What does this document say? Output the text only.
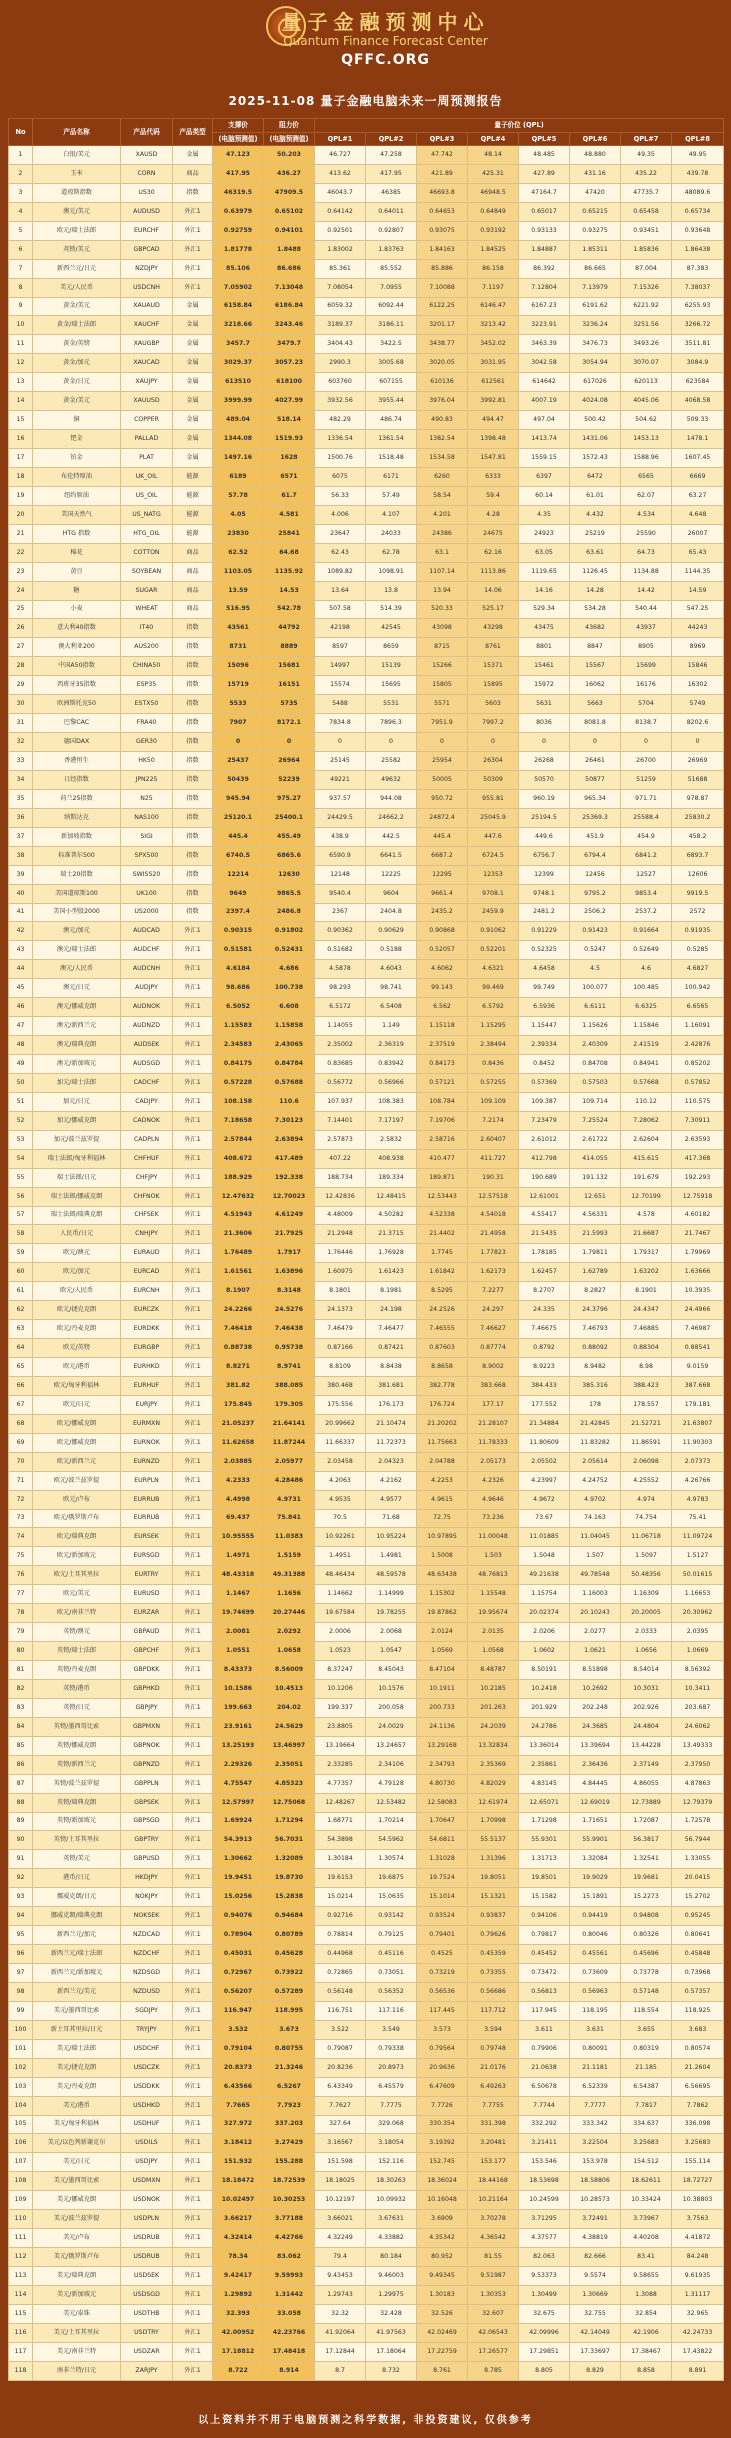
量子金融预测中心
Quantum Finance Forecast Center
QFFC.ORG
2025-11-08 量子金融电脑未来一周预测报告
No	产品名称	产品代码	产品类型	支撑价	阻力价	量子价位 (QPL)							
				(电脑预测值)	(电脑预测值)	QPL#1	QPL#2	QPL#3	QPL#4	QPL#5	QPL#6	QPL#7	QPL#8
1	白银/美元	XAUSD	金属	47.123	50.203	46.727	47.258	47.742	48.14	48.485	48.880	49.35	49.95
2	玉米	CORN	商品	417.95	436.27	413.62	417.95	421.89	425.31	427.89	431.16	435.22	439.78
3	道琼斯指数	US30	指数	46319.5	47909.5	46043.7	46385	46693.8	46948.5	47164.7	47420	47735.7	48089.6
4	澳元/美元	AUDUSD	外汇1	0.63979	0.65102	0.64142	0.64011	0.64653	0.64849	0.65017	0.65215	0.65458	0.65734
5	欧元/瑞士法郎	EURCHF	外汇1	0.92759	0.94101	0.92501	0.92807	0.93075	0.93192	0.93133	0.93275	0.93451	0.93648
6	英镑/美元	GBPCAD	外汇1	1.81778	1.8488	1.83002	1.83763	1.84163	1.84525	1.84887	1.85311	1.85836	1.86438
7	新西兰元/日元	NZDJPY	外汇1	85.106	86.686	85.361	85.552	85.886	86.158	86.392	86.665	87.004	87.383
8	美元/人民币	USDCNH	外汇1	7.05902	7.13048	7.08054	7.0955	7.10088	7.1197	7.12804	7.13979	7.15326	7.38037
9	黄金/美元	XAUAUD	金属	6158.84	6186.84	6059.32	6092.44	6122.25	6146.47	6167.23	6191.62	6221.92	6255.93
10	黄金/瑞士法郎	XAUCHF	金属	3218.66	3243.46	3189.37	3186.11	3201.17	3213.42	3223.91	3236.24	3251.56	3266.72
11	黄金/英镑	XAUGBP	金属	3457.7	3479.7	3404.43	3422.5	3438.77	3452.02	3463.39	3476.73	3493.26	3511.81
12	黄金/加元	XAUCAD	金属	3029.37	3057.23	2990.3	3005.68	3020.05	3031.95	3042.58	3054.94	3070.07	3084.9
13	黄金/日元	XAUJPY	金属	613510	618100	603760	607155	610136	612561	614642	617026	620113	623584
14	黄金/美元	XAUUSD	金属	3999.99	4027.99	3932.56	3955.44	3976.04	3992.81	4007.19	4024.08	4045.06	4068.58
15	铜	COPPER	金属	489.04	518.14	482.29	486.74	490.83	494.47	497.04	500.42	504.62	509.33
16	钯金	PALLAD	金属	1344.08	1519.93	1336.54	1361.54	1382.54	1398.48	1413.74	1431.06	1453.13	1478.1
17	铂金	PLAT	金属	1497.16	1628	1500.76	1518.48	1534.58	1547.81	1559.15	1572.43	1588.96	1607.45
18	布伦特原油	UK_OIL	能源	6189	6571	6075	6171	6260	6333	6397	6472	6565	6669
19	纽约原油	US_OIL	能源	57.78	61.7	56.33	57.49	58.54	59.4	60.14	61.01	62.07	63.27
20	美国天然气	US_NATG	能源	4.05	4.581	4.006	4.107	4.201	4.28	4.35	4.432	4.534	4.648
21	HTG 指数	HTG_OIL	能源	23830	25841	23647	24033	24386	24675	24923	25219	25590	26007
22	棉花	COTTON	商品	62.52	64.68	62.43	62.78	63.1	62.16	63.05	63.61	64.73	65.43
23	黄豆	SOYBEAN	商品	1103.05	1135.92	1089.82	1098.91	1107.14	1113.86	1119.65	1126.45	1134.88	1144.35
24	糖	SUGAR	商品	13.59	14.53	13.64	13.8	13.94	14.06	14.16	14.28	14.42	14.59
25	小麦	WHEAT	商品	516.95	542.78	507.58	514.39	520.33	525.17	529.34	534.28	540.44	547.25
26	意大利40指数	IT40	指数	43561	44792	42198	42545	43098	43298	43475	43682	43937	44243
27	澳大利亚200	AUS200	指数	8731	8889	8597	8659	8715	8761	8801	8847	8905	8969
28	中国A50指数	CHINA50	指数	15096	15681	14997	15139	15266	15371	15461	15567	15699	15846
29	西班牙35指数	ESP35	指数	15719	16151	15574	15695	15805	15895	15972	16062	16176	16302
30	欧洲斯托克50	ESTX50	指数	5533	5735	5488	5531	5571	5603	5631	5663	5704	5749
31	巴黎CAC	FRA40	指数	7907	8172.1	7834.8	7896.3	7951.9	7997.2	8036	8081.8	8138.7	8202.6
32	德国DAX	GER30	指数	0	0	0	0	0	0	0	0	0	0
33	香港恒生	HK50	指数	25437	26964	25145	25582	25954	26304	26268	26461	26700	26969
34	日经指数	JPN225	指数	50439	52239	49221	49632	50005	50309	50570	50877	51259	51688
35	荷兰25指数	N25	指数	945.94	975.27	937.57	944.08	950.72	955.81	960.19	965.34	971.71	978.87
36	纳斯达克	NAS100	指数	25120.1	25400.1	24429.5	24662.2	24872.4	25045.9	25194.5	25369.3	25588.4	25830.2
37	新加坡指数	SIGI	指数	445.4	455.49	438.9	442.5	445.4	447.6	449.6	451.9	454.9	458.2
38	标准普尔500	SPX500	指数	6740.5	6865.6	6590.9	6641.5	6687.2	6724.5	6756.7	6794.4	6841.2	6893.7
39	瑞士20指数	SWISS20	指数	12214	12630	12148	12225	12295	12353	12399	12456	12527	12606
40	美国道琼斯100	UK100	指数	9649	9865.5	9540.4	9604	9661.4	9708.1	9748.1	9795.2	9853.4	9919.5
41	美国小型股2000	US2000	指数	2397.4	2486.8	2367	2404.8	2435.2	2459.9	2481.2	2506.2	2537.2	2572
42	澳元/加元	AUDCAD	外汇1	0.90315	0.91802	0.90362	0.90629	0.90868	0.91062	0.91229	0.91423	0.91664	0.91935
43	澳元/瑞士法郎	AUDCHF	外汇1	0.51581	0.52431	0.51682	0.5188	0.52057	0.52201	0.52325	0.5247	0.52649	0.5285
44	澳元/人民币	AUDCNH	外汇1	4.6184	4.686	4.5878	4.6043	4.6062	4.6321	4.6458	4.5	4.6	4.6827
45	澳元/日元	AUDJPY	外汇1	98.686	100.738	98.293	98.741	99.143	99.469	99.749	100.077	100.485	100.942
46	澳元/挪威克朗	AUDNOK	外汇1	6.5052	6.608	6.5172	6.5408	6.562	6.5792	6.5936	6.6111	6.6325	6.6565
47	澳元/新西兰元	AUDNZD	外汇1	1.15583	1.15858	1.14055	1.149	1.15118	1.15295	1.15447	1.15626	1.15846	1.16091
48	澳元/瑞典克朗	AUDSEK	外汇1	2.34583	2.43065	2.35002	2.36319	2.37519	2.38494	2.39334	2.40309	2.41519	2.42876
49	澳元/新加坡元	AUDSGD	外汇1	0.84175	0.84784	0.83685	0.83942	0.84173	0.8436	0.8452	0.84708	0.84941	0.85202
50	加元/瑞士法郎	CADCHF	外汇1	0.57228	0.57688	0.56772	0.56966	0.57121	0.57255	0.57369	0.57503	0.57668	0.57852
51	加元/日元	CADJPY	外汇1	108.158	110.6	107.937	108.383	108.784	109.109	109.387	109.714	110.12	110.575
52	加元/挪威克朗	CADNOK	外汇1	7.18658	7.30123	7.14401	7.17197	7.19706	7.2174	7.23479	7.25524	7.28062	7.30911
53	加元/波兰兹罗提	CADPLN	外汇1	2.57844	2.63894	2.57873	2.5832	2.58716	2.60407	2.61012	2.61722	2.62604	2.63593
54	瑞士法郎/匈牙利福林	CHFHUF	外汇1	408.672	417.489	407.22	408.938	410.477	411.727	412.798	414.055	415.615	417.368
55	瑞士法郎/日元	CHFJPY	外汇1	188.929	192.338	188.734	189.334	189.871	190.31	190.689	191.132	191.679	192.293
56	瑞士法郎/挪威克朗	CHFNOK	外汇1	12.47632	12.70023	12.42836	12.48415	12.53443	12.57518	12.61001	12.651	12.70199	12.75918
57	瑞士法郎/瑞典克朗	CHFSEK	外汇1	4.51943	4.61249	4.48009	4.50282	4.52338	4.54018	4.55417	4.56331	4.578	4.60182
58	人民币/日元	CNHJPY	外汇1	21.3606	21.7925	21.2948	21.3715	21.4402	21.4958	21.5435	21.5993	21.6687	21.7467
59	欧元/澳元	EURAUD	外汇1	1.76489	1.7917	1.76446	1.76928	1.7745	1.77823	1.78185	1.79811	1.79317	1.79969
60	欧元/加元	EURCAD	外汇1	1.61561	1.63896	1.60975	1.61423	1.61842	1.62173	1.62457	1.62789	1.63202	1.63666
61	欧元/人民币	EURCNH	外汇1	8.1907	8.3148	8.1801	8.1981	8.5295	7.2277	8.2707	8.2827	8.1901	10.3935
62	欧元/捷克克朗	EURCZK	外汇1	24.2266	24.5276	24.1373	24.198	24.2526	24.297	24.335	24.3796	24.4347	24.4966
63	欧元/丹麦克朗	EURDKK	外汇1	7.46418	7.46438	7.46479	7.46477	7.46555	7.46627	7.46675	7.46793	7.46885	7.46987
64	欧元/英镑	EURGBP	外汇1	0.88738	0.95738	0.87166	0.87421	0.87603	0.87774	0.8792	0.88092	0.88304	0.88541
65	欧元/港币	EURHKD	外汇1	8.8271	8.9741	8.8109	8.8438	8.8658	8.9002	8.9223	8.9482	8.98	9.0159
66	欧元/匈牙利福林	EURHUF	外汇1	381.82	388.085	380.468	381.681	382.778	383.668	384.433	385.316	388.423	387.668
67	欧元/日元	EURJPY	外汇1	175.845	179.305	175.556	176.173	176.724	177.17	177.552	178	178.557	179.181
68	欧元/挪威克朗	EURMXN	外汇1	21.05237	21.64141	20.99662	21.10474	21.20202	21.28107	21.34884	21.42845	21.52721	21.63807
69	欧元/挪威克朗	EURNOK	外汇1	11.62658	11.87244	11.66337	11.72373	11.75663	11.78333	11.80609	11.83282	11.86591	11.90303
70	欧元/新西兰元	EURNZD	外汇1	2.03885	2.05977	2.03458	2.04323	2.04788	2.05173	2.05502	2.05614	2.06098	2.07373
71	欧元/波兰兹罗提	EURPLN	外汇1	4.2333	4.28486	4.2063	4.2162	4.2253	4.2326	4.23997	4.24752	4.25552	4.26766
72	欧元/卢布	EURRUB	外汇1	4.4998	4.9731	4.9535	4.9577	4.9615	4.9646	4.9672	4.9702	4.974	4.9783
73	欧元/俄罗斯卢布	EURRUB	外汇1	69.437	75.841	70.5	71.68	72.75	73.236	73.67	74.163	74.754	75.41
74	欧元/瑞典克朗	EURSEK	外汇1	10.95555	11.0383	10.92261	10.95224	10.97895	11.00048	11.01885	11.04045	11.06718	11.09724
75	欧元/新加坡元	EURSGD	外汇1	1.4971	1.5159	1.4951	1.4981	1.5008	1.503	1.5048	1.507	1.5097	1.5127
76	欧元/土耳其里拉	EURTRY	外汇1	48.43318	49.31388	48.46434	48.59578	48.63438	48.76813	49.21638	49.78548	50.48356	50.01615
77	欧元/美元	EURUSD	外汇1	1.1467	1.1656	1.14662	1.14999	1.15302	1.15548	1.15754	1.16003	1.16309	1.16653
78	欧元/南非兰特	EURZAR	外汇1	19.74699	20.27446	19.67584	19.78255	19.87862	19.95674	20.02374	20.10243	20.20005	20.30962
79	英镑/澳元	GBPAUD	外汇1	2.0081	2.0292	2.0006	2.0068	2.0124	2.0135	2.0206	2.0277	2.0333	2.0395
80	英镑/瑞士法郎	GBPCHF	外汇1	1.0551	1.0658	1.0523	1.0547	1.0569	1.0568	1.0602	1.0621	1.0656	1.0669
81	英镑/丹麦克朗	GBPDKK	外汇1	8.43373	8.56009	8.37247	8.45043	8.47104	8.48787	8.50191	8.51898	8.54014	8.56392
82	英镑/港币	GBPHKD	外汇1	10.1586	10.4513	10.1206	10.1576	10.1911	10.2185	10.2418	10.2692	10.3031	10.3411
83	英镑/日元	GBPJPY	外汇1	199.663	204.02	199.337	200.058	200.733	201.263	201.929	202.248	202.926	203.687
84	英镑/墨西哥比索	GBPMXN	外汇1	23.9161	24.5629	23.8805	24.0029	24.1136	24.2039	24.2786	24.3685	24.4804	24.6062
85	英镑/挪威克朗	GBPNOK	外汇1	13.25193	13.46997	13.19664	13.24657	13.29168	13.32834	13.36014	13.39694	13.44228	13.49333
86	英镑/新西兰元	GBPNZD	外汇1	2.29326	2.35051	2.33285	2.34106	2.34793	2.35369	2.35861	2.36436	2.37149	2.37950
87	英镑/波兰兹罗提	GBPPLN	外汇1	4.75547	4.85323	4.77357	4.79128	4.80730	4.82029	4.83145	4.84445	4.86055	4.87863
88	英镑/瑞典克朗	GBPSEK	外汇1	12.57997	12.75068	12.48267	12.53482	12.58083	12.61974	12.65071	12.69019	12.73889	12.79379
89	英镑/新加坡元	GBPSGD	外汇1	1.69924	1.71294	1.68771	1.70214	1.70647	1.70998	1.71298	1.71651	1.72087	1.72578
90	英镑/土耳其里拉	GBPTRY	外汇1	54.3913	56.7031	54.3898	54.5962	54.6811	55.5137	55.9301	55.9901	56.3817	56.7944
91	英镑/美元	GBPUSD	外汇1	1.30662	1.32089	1.30184	1.30574	1.31028	1.31396	1.31713	1.32084	1.32541	1.33055
92	港币/日元	HKDJPY	外汇1	19.9451	19.8730	19.6153	19.6875	19.7524	19.8051	19.8501	19.9029	19.9681	20.0415
93	挪威克朗/日元	NOKJPY	外汇1	15.0256	15.2838	15.0214	15.0635	15.1014	15.1321	15.1582	15.1891	15.2273	15.2702
94	挪威克朗/瑞典克朗	NOKSEK	外汇1	0.94076	0.94684	0.92716	0.93142	0.93524	0.93837	0.94106	0.94419	0.94808	0.95245
95	新西兰元/加元	NZDCAD	外汇1	0.78904	0.80789	0.78814	0.79125	0.79401	0.79626	0.79817	0.80046	0.80326	0.80641
96	新西兰元/瑞士法郎	NZDCHF	外汇1	0.45031	0.45628	0.44968	0.45116	0.4525	0.45359	0.45452	0.45561	0.45696	0.45848
97	新西兰元/新加坡元	NZDSGD	外汇1	0.72967	0.73922	0.72865	0.73051	0.73219	0.73355	0.73472	0.73609	0.73778	0.73968
98	新西兰元/美元	NZDUSD	外汇1	0.56207	0.57289	0.56148	0.56352	0.56536	0.56686	0.56813	0.56963	0.57148	0.57357
99	美元/墨西哥比索	SGDJPY	外汇1	116.947	118.995	116.751	117.116	117.445	117.712	117.945	118.195	118.554	118.925
100	新土耳其里拉/日元	TRYJPY	外汇1	3.532	3.673	3.522	3.549	3.573	3.594	3.611	3.631	3.655	3.683
101	美元/瑞士法郎	USDCHF	外汇1	0.79104	0.80755	0.79087	0.79338	0.79564	0.79748	0.79906	0.80091	0.80319	0.80574
102	美元/捷克克朗	USDCZK	外汇1	20.8373	21.3246	20.8236	20.8973	20.9636	21.0176	21.0638	21.1181	21.185	21.2604
103	美元/丹麦克朗	USDDKK	外汇1	6.43566	6.5267	6.43349	6.45579	6.47609	6.49263	6.50678	6.52339	6.54387	6.56695
104	美元/港币	USDHKD	外汇1	7.7665	7.7923	7.7627	7.7775	7.7726	7.7755	7.7744	7.7777	7.7817	7.7862
105	美元/匈牙利福林	USDHUF	外汇1	327.972	337.203	327.64	329.068	330.354	331.398	332.292	333.342	334.637	336.098
106	美元/以色列新谢克尔	USDILS	外汇1	3.18412	3.27429	3.16567	3.18054	3.19392	3.20481	3.21411	3.22504	3.25683	3.25683
107	美元/日元	USDJPY	外汇1	151.932	155.288	151.598	152.116	152.745	153.177	153.546	153.978	154.512	155.114
108	美元/墨西哥比索	USDMXN	外汇1	18.18472	18.72539	18.18025	18.30263	18.36024	18.44168	18.53698	18.58806	18.62611	18.72727
109	美元/挪威克朗	USDNOK	外汇1	10.02497	10.30253	10.12197	10.09932	10.16048	10.21164	10.24599	10.28573	10.33424	10.38803
110	美元/波兰兹罗提	USDPLN	外汇1	3.66217	3.77188	3.66021	3.67631	3.6909	3.70278	3.71295	3.72491	3.73967	3.7563
111	美元/卢布	USDRUB	外汇1	4.32414	4.42766	4.32249	4.33882	4.35342	4.36542	4.37577	4.38819	4.40208	4.41872
112	美元/俄罗斯卢布	USDRUB	外汇1	78.34	83.062	79.4	80.184	80.952	81.55	82.063	82.666	83.41	84.248
113	美元/瑞典克朗	USDSEK	外汇1	9.42417	9.59993	9.43453	9.46003	9.49345	9.51987	9.53373	9.5574	9.58655	9.61935
114	美元/新加坡元	USDSGD	外汇1	1.29892	1.31442	1.29743	1.29975	1.30183	1.30353	1.30499	1.30669	1.3088	1.31117
115	美元/泰铢	USDTHB	外汇1	32.393	33.058	32.32	32.428	32.526	32.607	32.675	32.755	32.854	32.965
116	美元/土耳其里拉	USDTRY	外汇1	42.00952	42.23766	41.92064	41.97563	42.02469	42.06543	42.09996	42.14049	42.1906	42.24733
117	美元/南非兰特	USDZAR	外汇1	17.18812	17.48418	17.12844	17.18064	17.22759	17.26577	17.29851	17.33697	17.38467	17.43822
118	南非兰特/日元	ZARJPY	外汇1	8.722	8.914	8.7	8.732	8.761	8.785	8.805	8.829	8.858	8.891
以上资料并不用于电脑预测之科学数据, 非投资建议, 仅供参考
